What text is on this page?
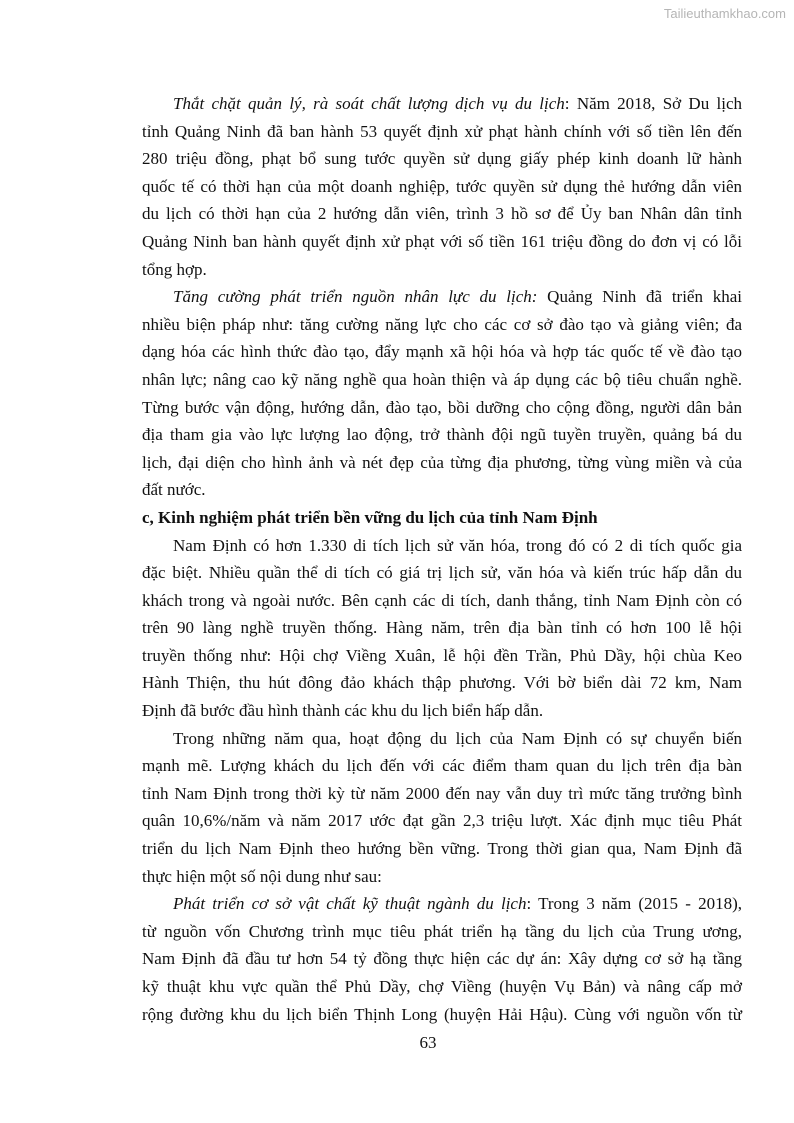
Tailieuthamkhao.com
Thắt chặt quản lý, rà soát chất lượng dịch vụ du lịch: Năm 2018, Sở Du lịch
tỉnh Quảng Ninh đã ban hành 53 quyết định xử phạt hành chính với số tiền lên đến
280 triệu đồng, phạt bổ sung tước quyền sử dụng giấy phép kinh doanh lữ hành
quốc tế có thời hạn của một doanh nghiệp, tước quyền sử dụng thẻ hướng dẫn viên
du lịch có thời hạn của 2 hướng dẫn viên, trình 3 hồ sơ để Ủy ban Nhân dân tỉnh
Quảng Ninh ban hành quyết định xử phạt với số tiền 161 triệu đồng do đơn vị có lỗi
tổng hợp.
Tăng cường phát triển nguồn nhân lực du lịch: Quảng Ninh đã triển khai
nhiều biện pháp như: tăng cường năng lực cho các cơ sở đào tạo và giảng viên; đa
dạng hóa các hình thức đào tạo, đẩy mạnh xã hội hóa và hợp tác quốc tế về đào tạo
nhân lực; nâng cao kỹ năng nghề qua hoàn thiện và áp dụng các bộ tiêu chuẩn nghề.
Từng bước vận động, hướng dẫn, đào tạo, bồi dưỡng cho cộng đồng, người dân bản
địa tham gia vào lực lượng lao động, trở thành đội ngũ tuyền truyền, quảng bá du
lịch, đại diện cho hình ảnh và nét đẹp của từng địa phương, từng vùng miền và của
đất nước.
c, Kinh nghiệm phát triển bền vững du lịch của tỉnh Nam Định
Nam Định có hơn 1.330 di tích lịch sử văn hóa, trong đó có 2 di tích quốc gia
đặc biệt. Nhiều quần thể di tích có giá trị lịch sử, văn hóa và kiến trúc hấp dẫn du
khách trong và ngoài nước. Bên cạnh các di tích, danh thắng, tỉnh Nam Định còn có
trên 90 làng nghề truyền thống. Hàng năm, trên địa bàn tỉnh có hơn 100 lễ hội
truyền thống như: Hội chợ Viềng Xuân, lễ hội đền Trần, Phủ Dầy, hội chùa Keo
Hành Thiện, thu hút đông đảo khách thập phương. Với bờ biển dài 72 km, Nam
Định đã bước đầu hình thành các khu du lịch biển hấp dẫn.
Trong những năm qua, hoạt động du lịch của Nam Định có sự chuyển biến
mạnh mẽ. Lượng khách du lịch đến với các điểm tham quan du lịch trên địa bàn
tỉnh Nam Định trong thời kỳ từ năm 2000 đến nay vẫn duy trì mức tăng trưởng bình
quân 10,6%/năm và năm 2017 ước đạt gần 2,3 triệu lượt. Xác định mục tiêu Phát
triển du lịch Nam Định theo hướng bền vững. Trong thời gian qua, Nam Định đã
thực hiện một số nội dung như sau:
Phát triển cơ sở vật chất kỹ thuật ngành du lịch: Trong 3 năm (2015 - 2018),
từ nguồn vốn Chương trình mục tiêu phát triển hạ tầng du lịch của Trung ương,
Nam Định đã đầu tư hơn 54 tỷ đồng thực hiện các dự án: Xây dựng cơ sở hạ tầng
kỹ thuật khu vực quần thể Phủ Dầy, chợ Viềng (huyện Vụ Bản) và nâng cấp mở
rộng đường khu du lịch biển Thịnh Long (huyện Hải Hậu). Cùng với nguồn vốn từ
63
